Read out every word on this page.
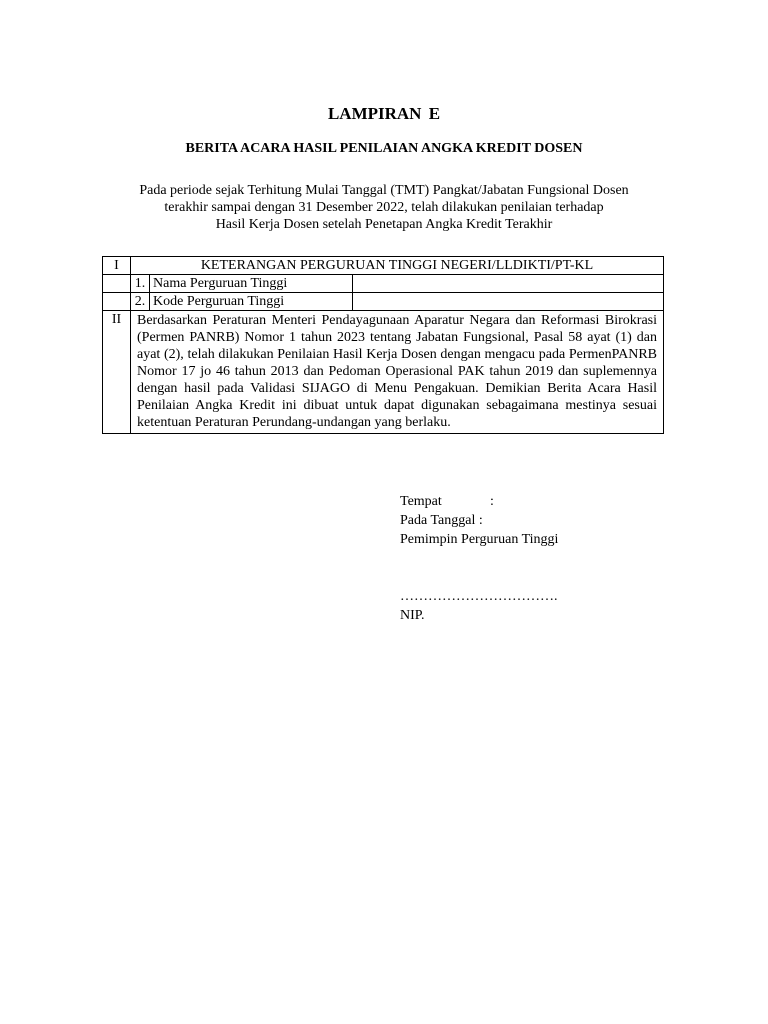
LAMPIRAN E
BERITA ACARA HASIL PENILAIAN ANGKA KREDIT DOSEN
Pada periode sejak Terhitung Mulai Tanggal (TMT) Pangkat/Jabatan Fungsional Dosen
terakhir sampai dengan 31 Desember 2022, telah dilakukan penilaian terhadap
Hasil Kerja Dosen setelah Penetapan Angka Kredit Terakhir
I	KETERANGAN PERGURUAN TINGGI NEGERI/LLDIKTI/PT-KL		
	1.	Nama Perguruan Tinggi	
	2.	Kode Perguruan Tinggi	
II	Berdasarkan Peraturan Menteri Pendayagunaan Aparatur Negara dan Reformasi Birokrasi (Permen PANRB) Nomor 1 tahun 2023 tentang Jabatan Fungsional, Pasal 58 ayat (1) dan ayat (2), telah dilakukan Penilaian Hasil Kerja Dosen dengan mengacu pada PermenPANRB Nomor 17 jo 46 tahun 2013 dan Pedoman Operasional PAK tahun 2019 dan suplemennya dengan hasil pada Validasi SIJAGO di Menu Pengakuan. Demikian Berita Acara Hasil Penilaian Angka Kredit ini dibuat untuk dapat digunakan sebagaimana mestinya sesuai ketentuan Peraturan Perundang-undangan yang berlaku.		
Tempat	:
Pada Tanggal :
Pemimpin Perguruan Tinggi
…………………………….
NIP.
